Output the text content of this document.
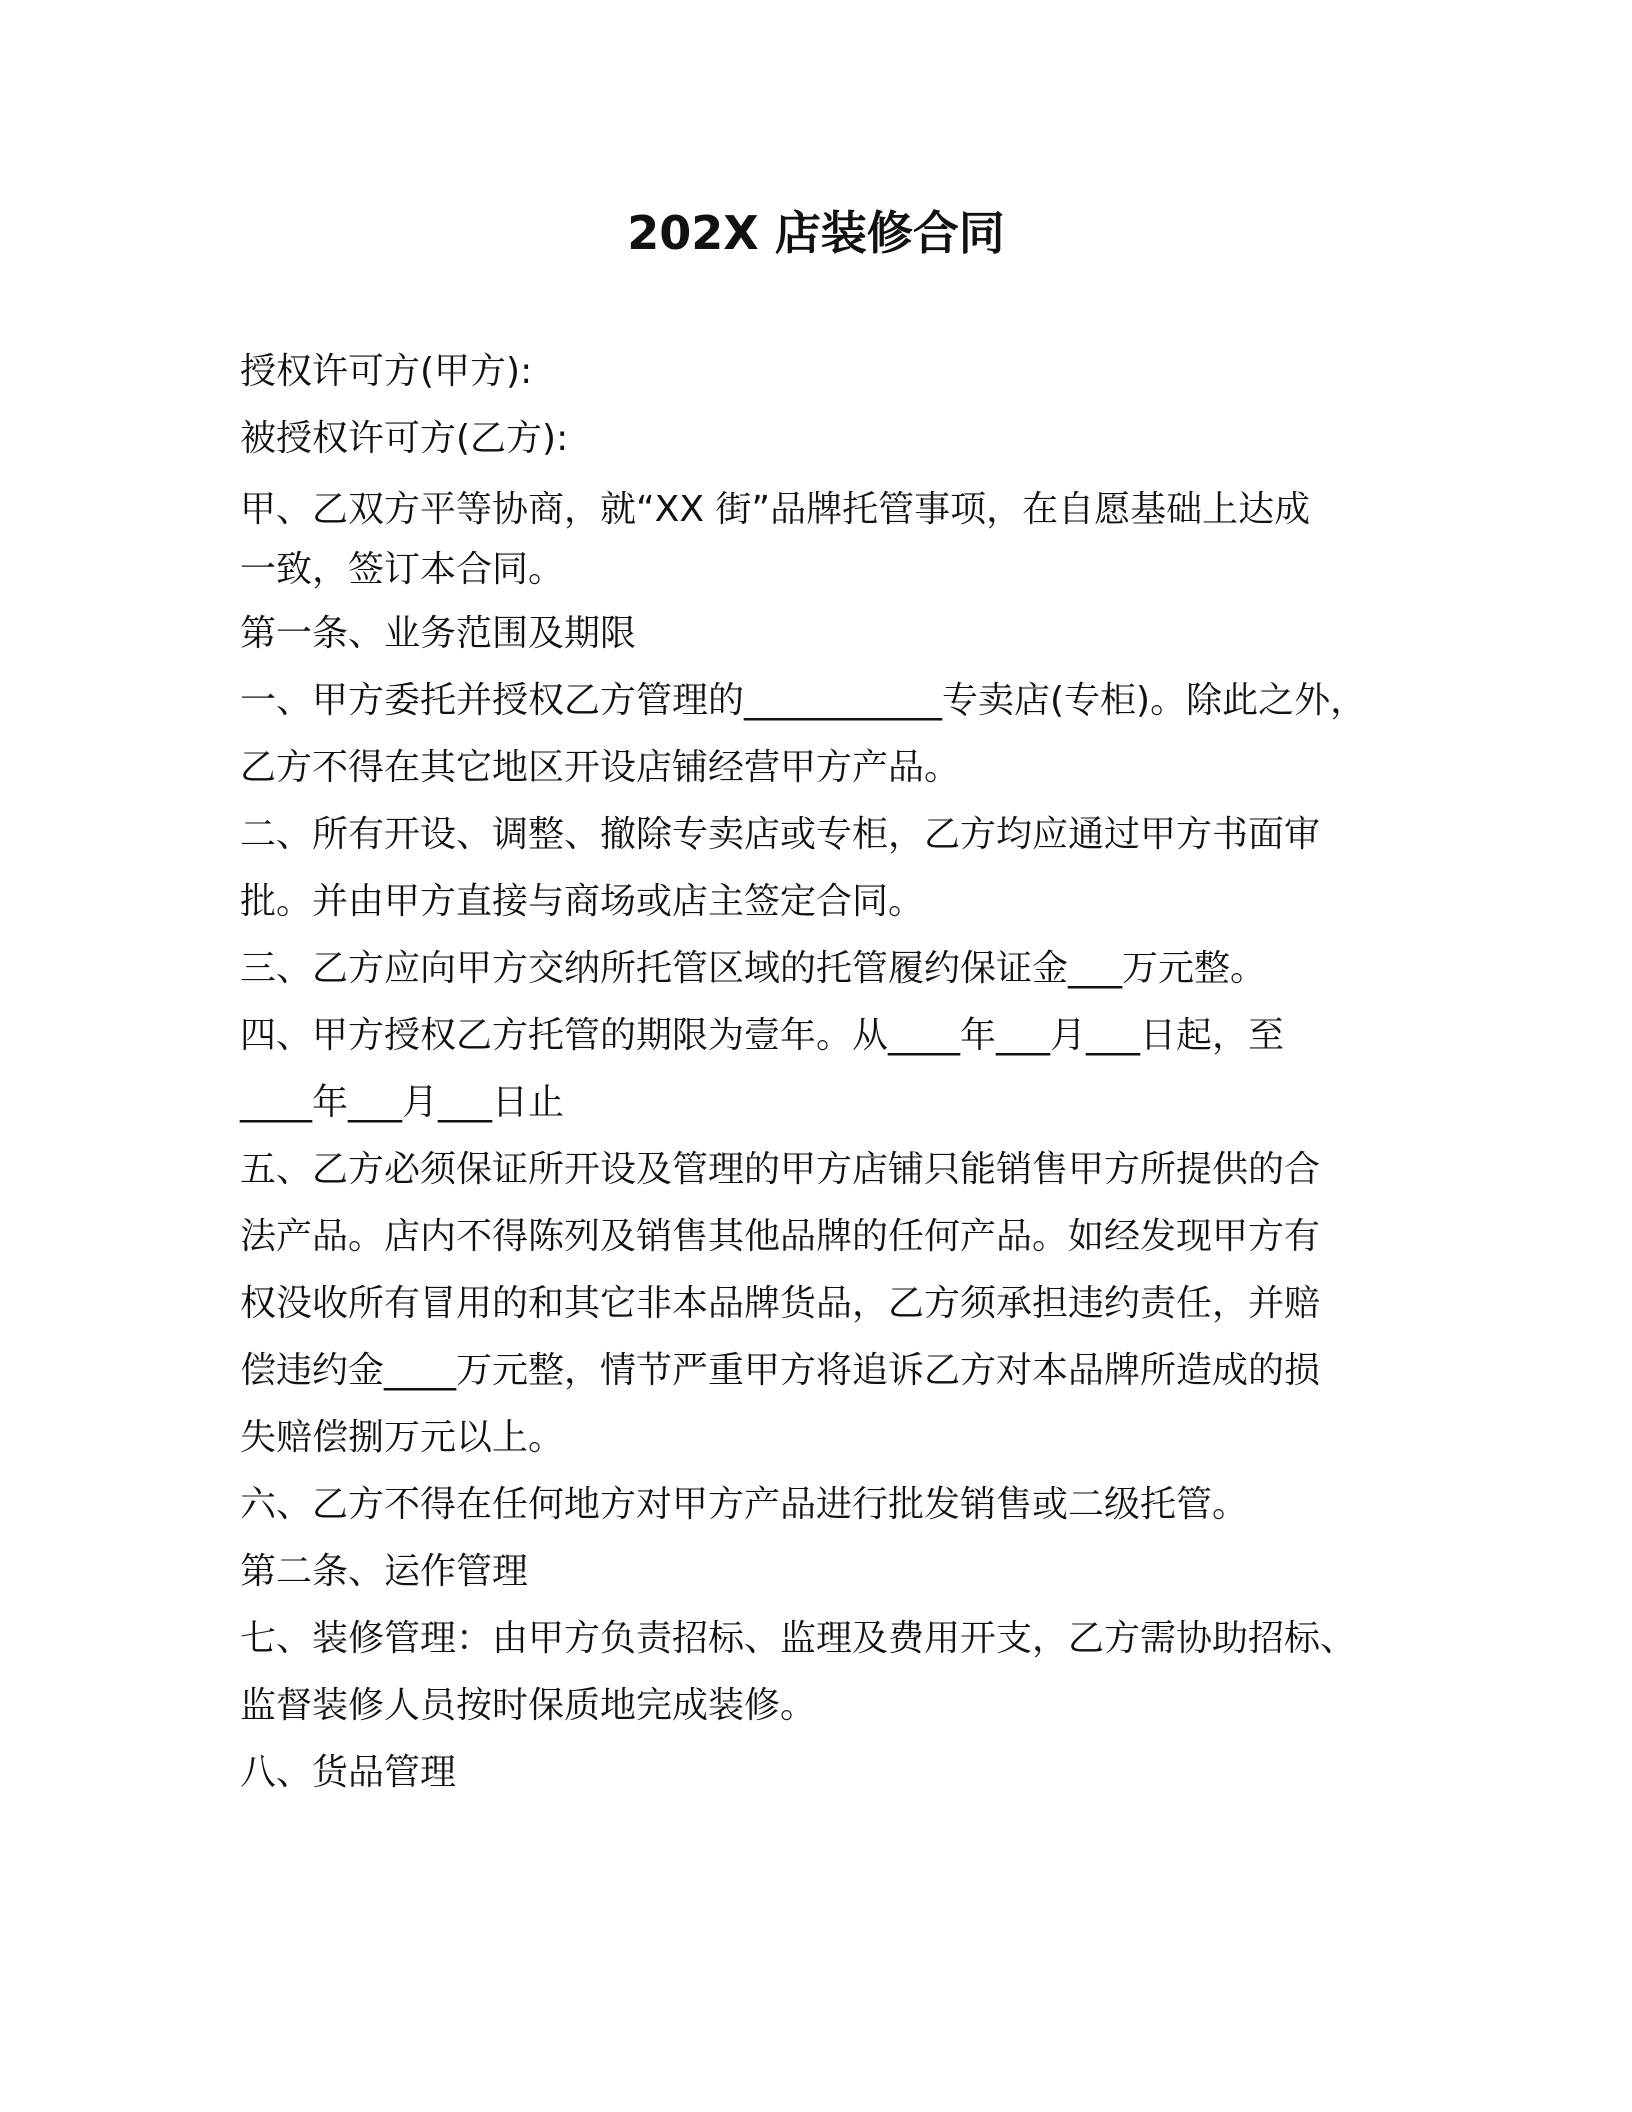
202X 店装修合同
授权许可方(甲方):
被授权许可方(乙方):
甲、乙双方平等协商，就“XX 街”品牌托管事项，在自愿基础上达成
一致，签订本合同。
第一条、业务范围及期限
一、甲方委托并授权乙方管理的___________专卖店(专柜)。除此之外，
乙方不得在其它地区开设店铺经营甲方产品。
二、所有开设、调整、撤除专卖店或专柜，乙方均应通过甲方书面审
批。并由甲方直接与商场或店主签定合同。
三、乙方应向甲方交纳所托管区域的托管履约保证金___万元整。
四、甲方授权乙方托管的期限为壹年。从____年___月___日起，至
____年___月___日止
五、乙方必须保证所开设及管理的甲方店铺只能销售甲方所提供的合
法产品。店内不得陈列及销售其他品牌的任何产品。如经发现甲方有
权没收所有冒用的和其它非本品牌货品，乙方须承担违约责任，并赔
偿违约金____万元整，情节严重甲方将追诉乙方对本品牌所造成的损
失赔偿捌万元以上。
六、乙方不得在任何地方对甲方产品进行批发销售或二级托管。
第二条、运作管理
七、装修管理：由甲方负责招标、监理及费用开支，乙方需协助招标、
监督装修人员按时保质地完成装修。
八、货品管理
